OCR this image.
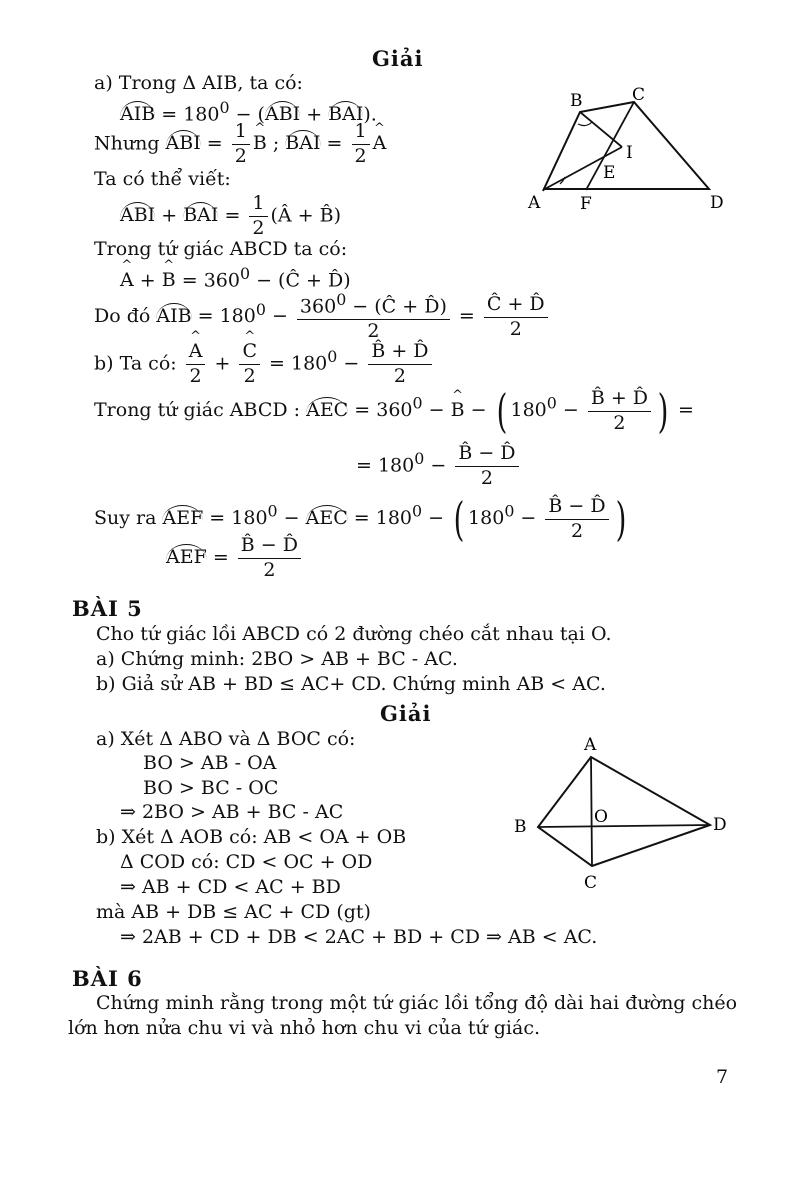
Giải
a) Trong Δ AIB, ta có:
AIB = $180^0 - (ABI + BAI)$.
Nhưng ABI = $\frac{1}{2}$ ^ B ; BAI = $\frac{1}{2}$ ^ A
Ta có thể viết:
ABI + BAI = $\frac{1}{2}$ (Â + B̂)
Trong tứ giác ABCD ta có:
^ A + ^ $B = 360^0$ − (Ĉ + D̂)
Do đó AIB = $180^0 - \frac{360^0 - (Ĉ + D̂)}{2} = \frac{Ĉ + D̂}{2}$
b) Ta có: ^ $\frac{A}{2}$ + ^ $\frac{C}{2} = 180^0 - \frac{B̂ + D̂}{2}$
Trong tứ giác ABCD : AEC = $360^0$ − ^ B − ( $180^0 - \frac{B̂ + D̂}{2}$ ) =
= $180^0 - \frac{B̂ - D̂}{2}$
Suy ra AEF = $180^0$ − AEC = $180^0$ − ( $180^0 - \frac{B̂ - D̂}{2}$ )
AEF = $\frac{B̂ - D̂}{2}$
B	C
I
E
A F	D
BÀI 5
Cho tứ giác lồi ABCD có 2 đường chéo cắt nhau tại O.
a) Chứng minh: 2BO > AB + BC - AC.
b) Giả sử AB + BD ≤ AC+ CD. Chứng minh AB < AC.
Giải
a) Xét Δ ABO và Δ BOC có:
BO > AB - OA
BO > BC - OC
⇒ 2BO > AB + BC - AC
b) Xét Δ AOB có: AB < OA + OB
Δ COD có: CD < OC + OD
⇒ AB + CD < AC + BD
mà AB + DB ≤ AC + CD (gt)
⇒ 2AB + CD + DB < 2AC + BD + CD ⇒ AB < AC.
A
B	O	D
C
BÀI 6
Chứng minh rằng trong một tứ giác lồi tổng độ dài hai đường chéo
lớn hơn nửa chu vi và nhỏ hơn chu vi của tứ giác.
7
